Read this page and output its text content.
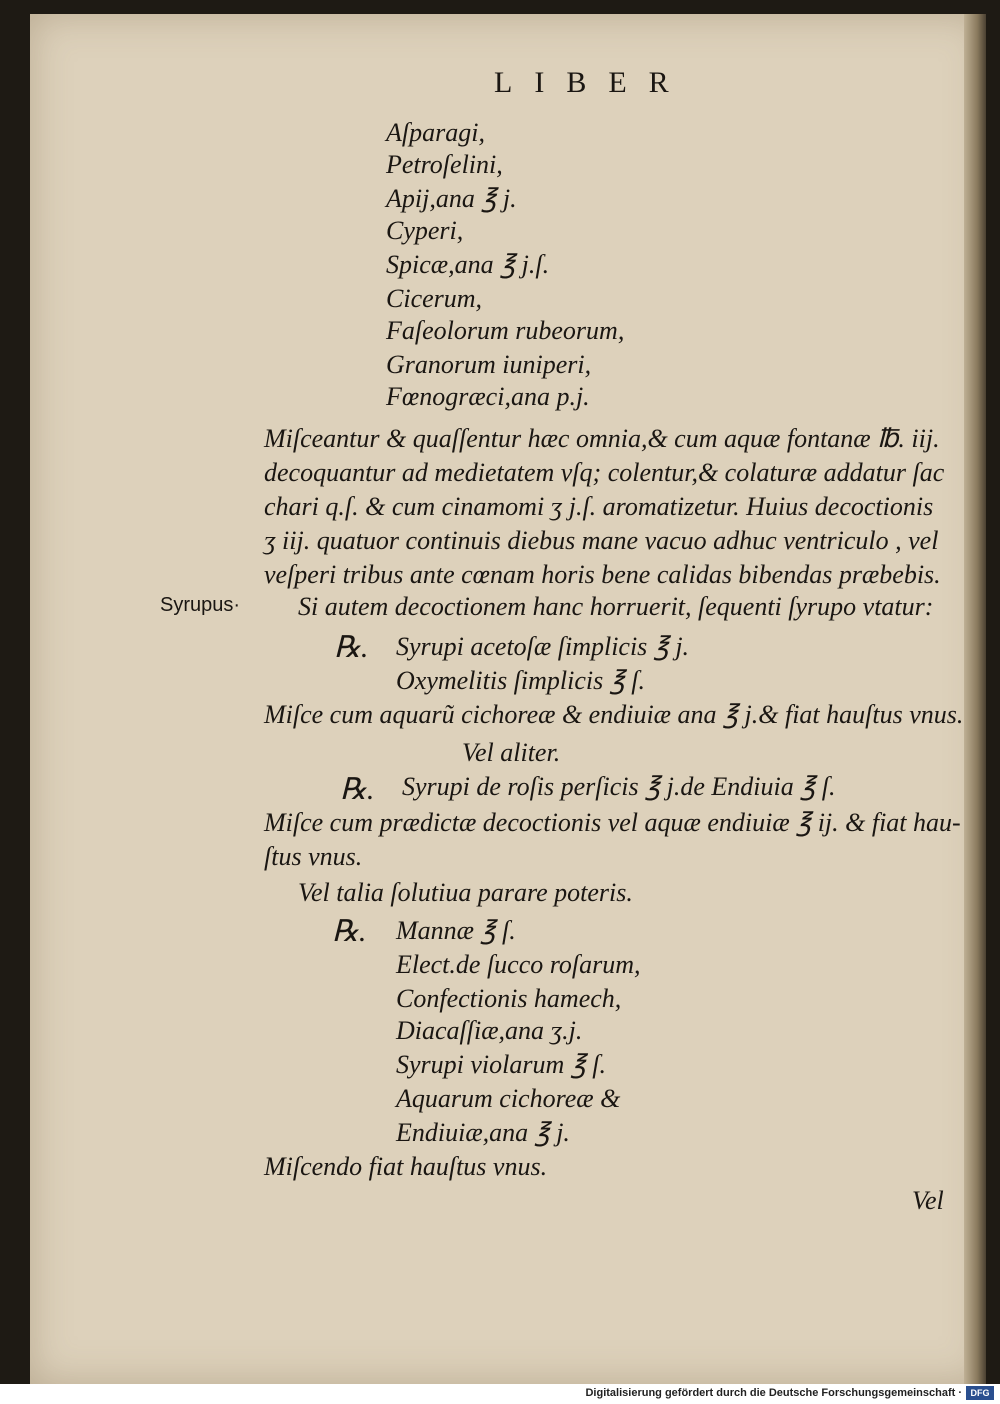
LIBER
Aſparagi,
Petroſelini,
Apij,ana ℥ j.
Cyperi,
Spicæ,ana ℥ j.ſ.
Cicerum,
Faſeolorum rubeorum,
Granorum iuniperi,
Fœnogræci,ana p.j.
Miſceantur & quaſſentur hæc omnia,& cum aquæ fontanæ ℔. iij.
decoquantur ad medietatem vſq; colentur,& colaturæ addatur ſac
chari q.ſ. & cum cinamomi ʒ j.ſ. aromatizetur. Huius decoctionis
ʒ iij. quatuor continuis diebus mane vacuo adhuc ventriculo , vel
veſperi tribus ante cœnam horis bene calidas bibendas præbebis.
Syrupus· Si autem decoctionem hanc horruerit, ſequenti ſyrupo vtatur:
℞. Syrupi acetoſæ ſimplicis ℥ j.
Oxymelitis ſimplicis ℥ ſ.
Miſce cum aquarũ cichoreæ & endiuiæ ana ℥ j.& fiat hauſtus vnus.
Vel aliter.
℞. Syrupi de roſis perſicis ℥ j.de Endiuia ℥ ſ.
Miſce cum prædictæ decoctionis vel aquæ endiuiæ ℥ ij. & fiat hau-
ſtus vnus.
Vel talia ſolutiua parare poteris.
℞. Mannæ ℥ ſ.
Elect.de ſucco roſarum,
Confectionis hamech,
Diacaſſiæ,ana ʒ.j.
Syrupi violarum ℥ ſ.
Aquarum cichoreæ &
Endiuiæ,ana ℥ j.
Miſcendo fiat hauſtus vnus.
Vel
Digitalisierung gefördert durch die Deutsche Forschungsgemeinschaft · DFG
